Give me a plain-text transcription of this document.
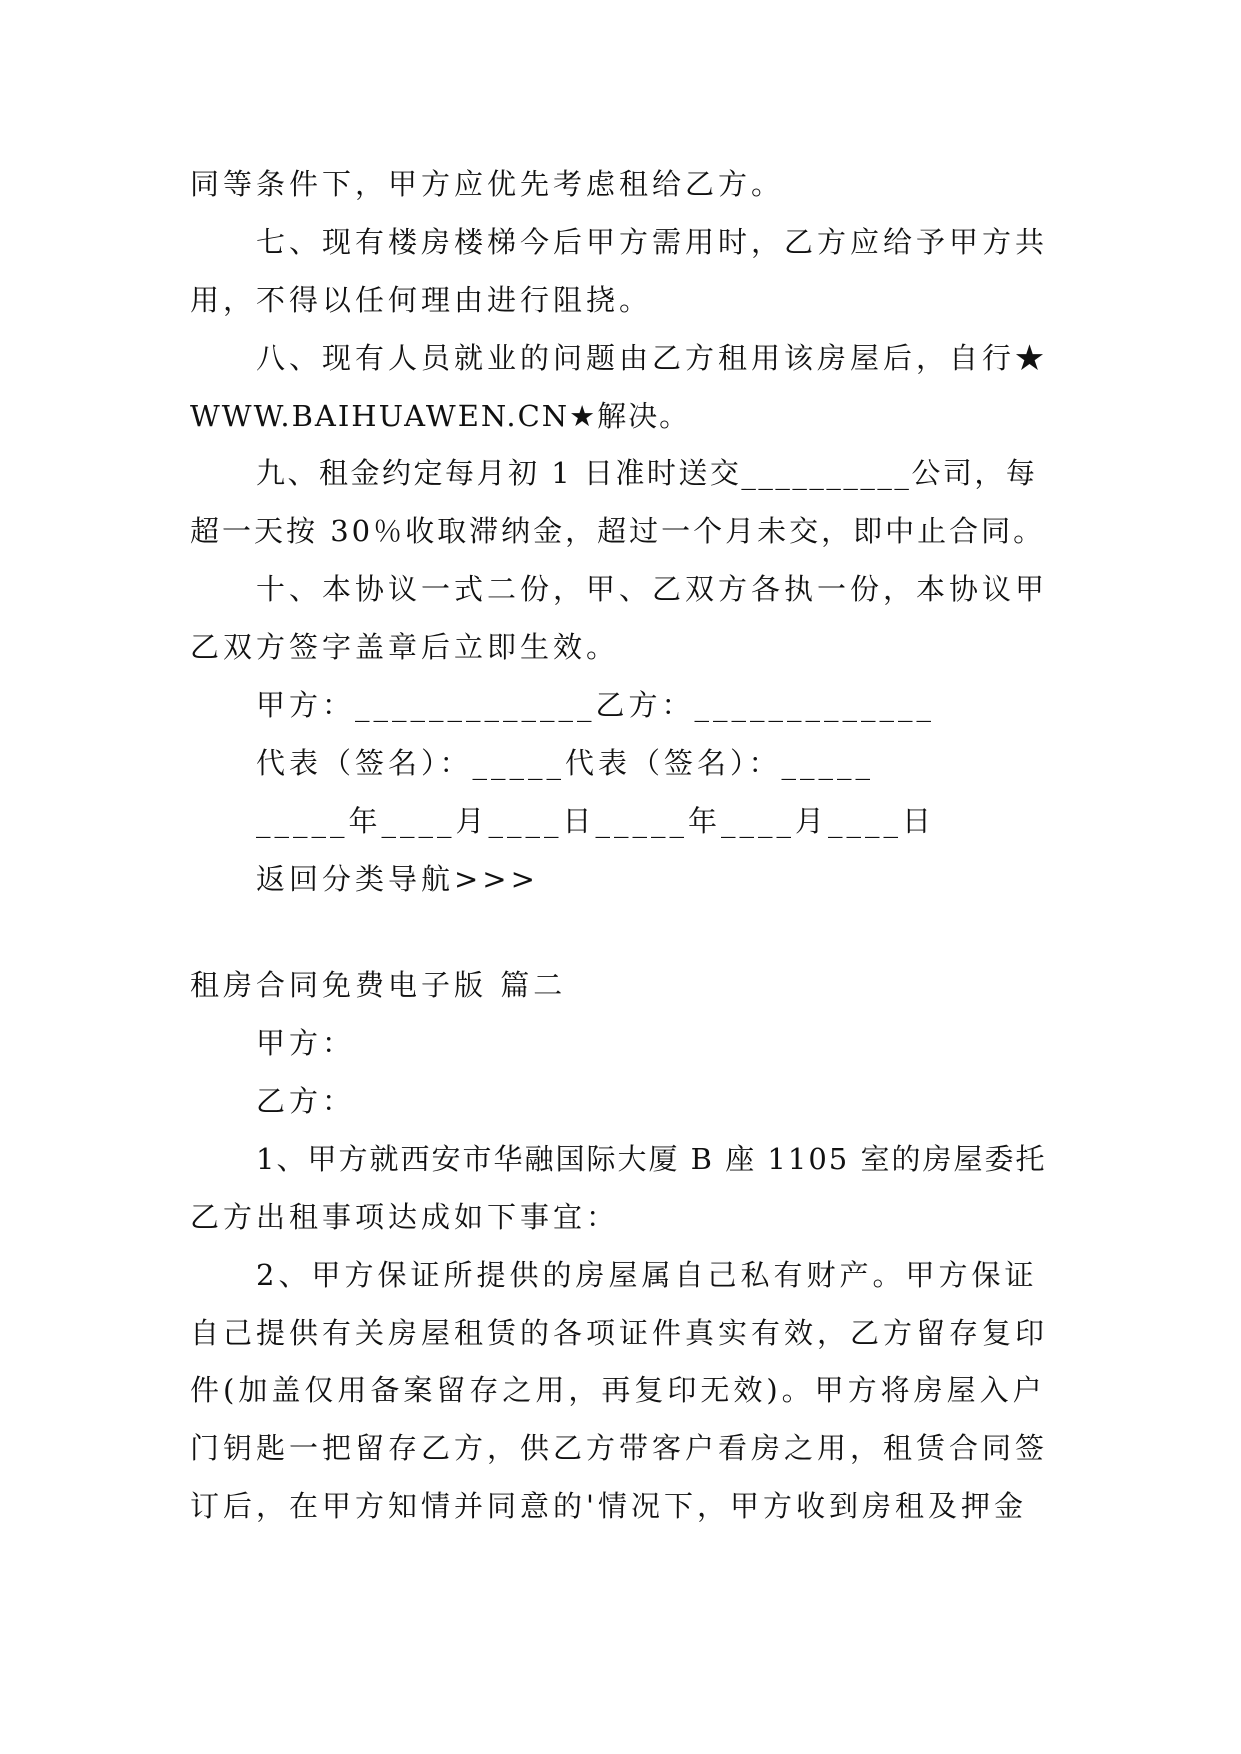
同等条件下，甲方应优先考虑租给乙方。
七、现有楼房楼梯今后甲方需用时，乙方应给予甲方共
用，不得以任何理由进行阻挠。
八、现有人员就业的问题由乙方租用该房屋后，自行★
WWW.BAIHUAWEN.CN★解决。
九、租金约定每月初 1 日准时送交__________公司，每
超一天按 30％收取滞纳金，超过一个月未交，即中止合同。
十、本协议一式二份，甲、乙双方各执一份，本协议甲
乙双方签字盖章后立即生效。
甲方：_____________乙方：_____________
代表（签名）：_____代表（签名）：_____
_____年____月____日_____年____月____日
返回分类导航>>>
租房合同免费电子版 篇二
甲方：
乙方：
1、甲方就西安市华融国际大厦 B 座 1105 室的房屋委托
乙方出租事项达成如下事宜：
2、甲方保证所提供的房屋属自己私有财产。甲方保证
自己提供有关房屋租赁的各项证件真实有效，乙方留存复印
件(加盖仅用备案留存之用，再复印无效)。甲方将房屋入户
门钥匙一把留存乙方，供乙方带客户看房之用，租赁合同签
订后，在甲方知情并同意的'情况下，甲方收到房租及押金
